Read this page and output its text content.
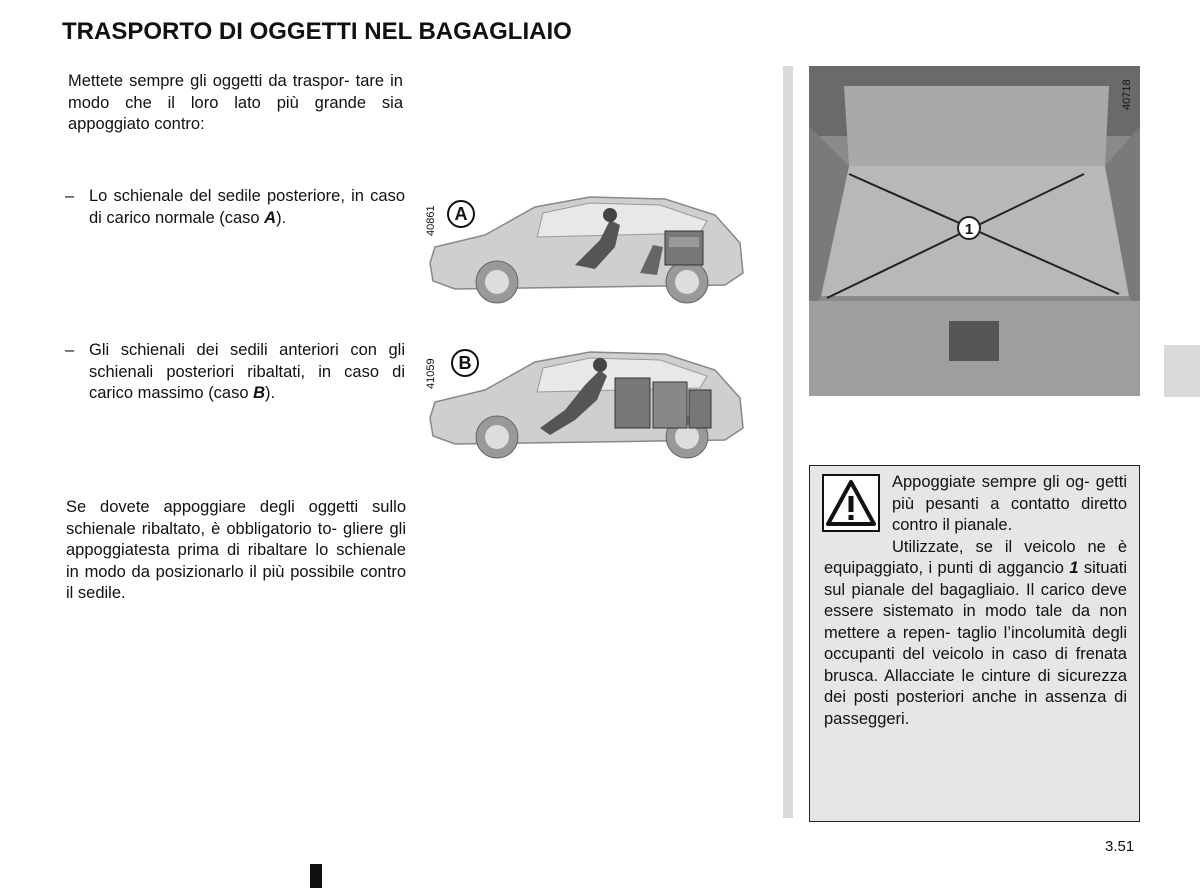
TRASPORTO DI OGGETTI NEL BAGAGLIAIO

Mettete sempre gli oggetti da traspor- tare in modo che il loro lato più grande sia appoggiato contro:

– Lo schienale del sedile posteriore, in caso di carico normale (caso A).
– Gli schienali dei sedili anteriori con gli schienali posteriori ribaltati, in caso di carico massimo (caso B).

Se dovete appoggiare degli oggetti sullo schienale ribaltato, è obbligatorio to- gliere gli appoggiatesta prima di ribaltare lo schienale in modo da posizionarlo il più possibile contro il sedile.

40861 A
41059	B
1
40718

Appoggiate sempre gli og- getti più pesanti a contatto diretto contro il pianale.
Utilizzate, se il veicolo ne è equipaggiato, i punti di aggancio 1 situati sul pianale del bagagliaio. Il carico deve essere sistemato in modo tale da non mettere a repen- taglio l’incolumità degli occupanti del veicolo in caso di frenata brusca. Allacciate le cinture di sicurezza dei posti posteriori anche in assenza di passeggeri.

3.51
